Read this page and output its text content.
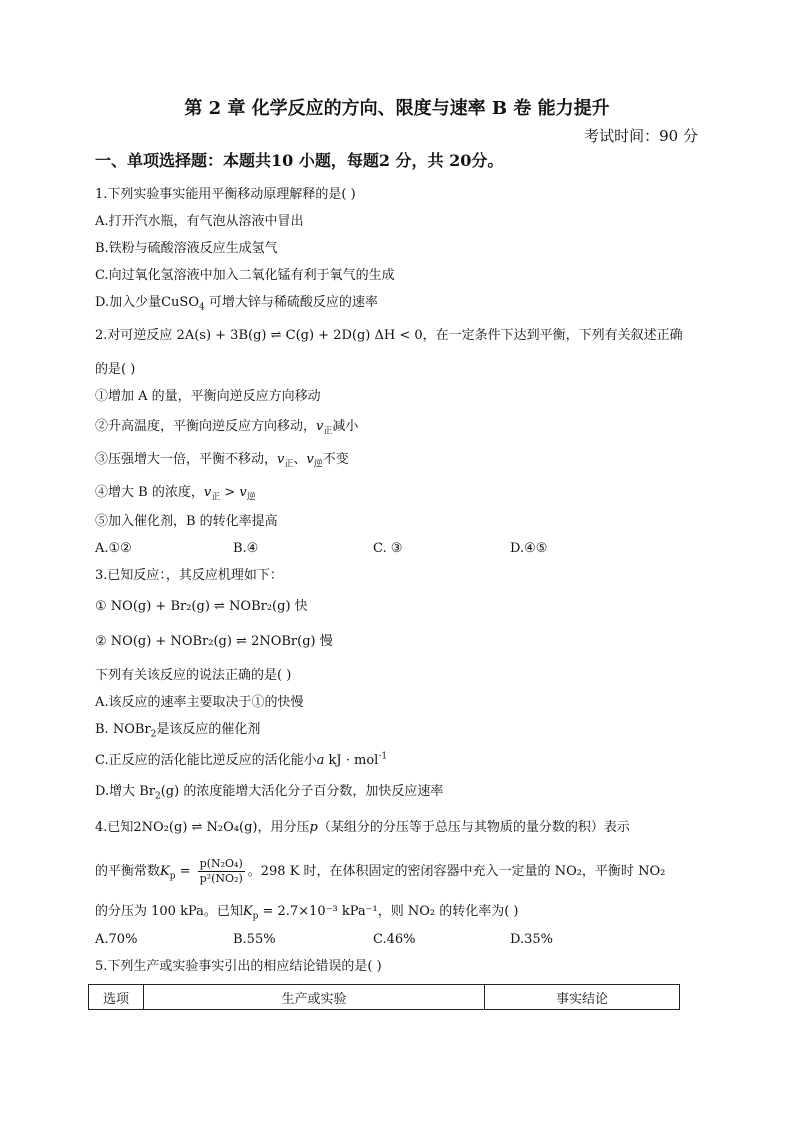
第 2 章 化学反应的方向、限度与速率 B 卷 能力提升
考试时间：90 分
一、单项选择题：本题共10 小题，每题2 分，共 20分。
1.下列实验事实能用平衡移动原理解释的是( )
A.打开汽水瓶，有气泡从溶液中冒出
B.铁粉与硫酸溶液反应生成氢气
C.向过氧化氢溶液中加入二氧化锰有利于氧气的生成
D.加入少量CuSO$_4$ 可增大锌与稀硫酸反应的速率
2.对可逆反应 2A(s) + 3B(g) ⇌ C(g) + 2D(g) ΔH < 0，在一定条件下达到平衡，下列有关叙述正确
的是( )
①增加 A 的量，平衡向逆反应方向移动
②升高温度，平衡向逆反应方向移动，$v_正$减小
③压强增大一倍，平衡不移动，$v_正$、$v_逆$不变
④增大 B 的浓度，$v_正 > v_逆$
⑤加入催化剂，B 的转化率提高
A.①②	B.④	C. ③	D.④⑤
3.已知反应：，其反应机理如下：
① NO(g) + Br₂(g) ⇌ NOBr₂(g) 快
② NO(g) + NOBr₂(g) ⇌ 2NOBr(g) 慢
下列有关该反应的说法正确的是( )
A.该反应的速率主要取决于①的快慢
B. NOBr$_2$是该反应的催化剂
C.正反应的活化能比逆反应的活化能小a kJ · mol$^{-1}$
D.增大 $Br_2(g)$ 的浓度能增大活化分子百分数，加快反应速率
4.已知2NO₂(g) ⇌ N₂O₄(g)，用分压p（某组分的分压等于总压与其物质的量分数的积）表示
的平衡常数$K_p = \frac{\text{p(N₂O₄)}}{\text{p²(NO₂)}}$ 。298 K 时，在体积固定的密闭容器中充入一定量的 NO₂，平衡时 NO₂
的分压为 100 kPa。已知$K_p = 2.7\times 10^{-3}$ kPa⁻¹，则 NO₂ 的转化率为( )
A.70%	B.55%	C.46%	D.35%
5.下列生产或实验事实引出的相应结论错误的是( )
选项	生产或实验	事实结论
